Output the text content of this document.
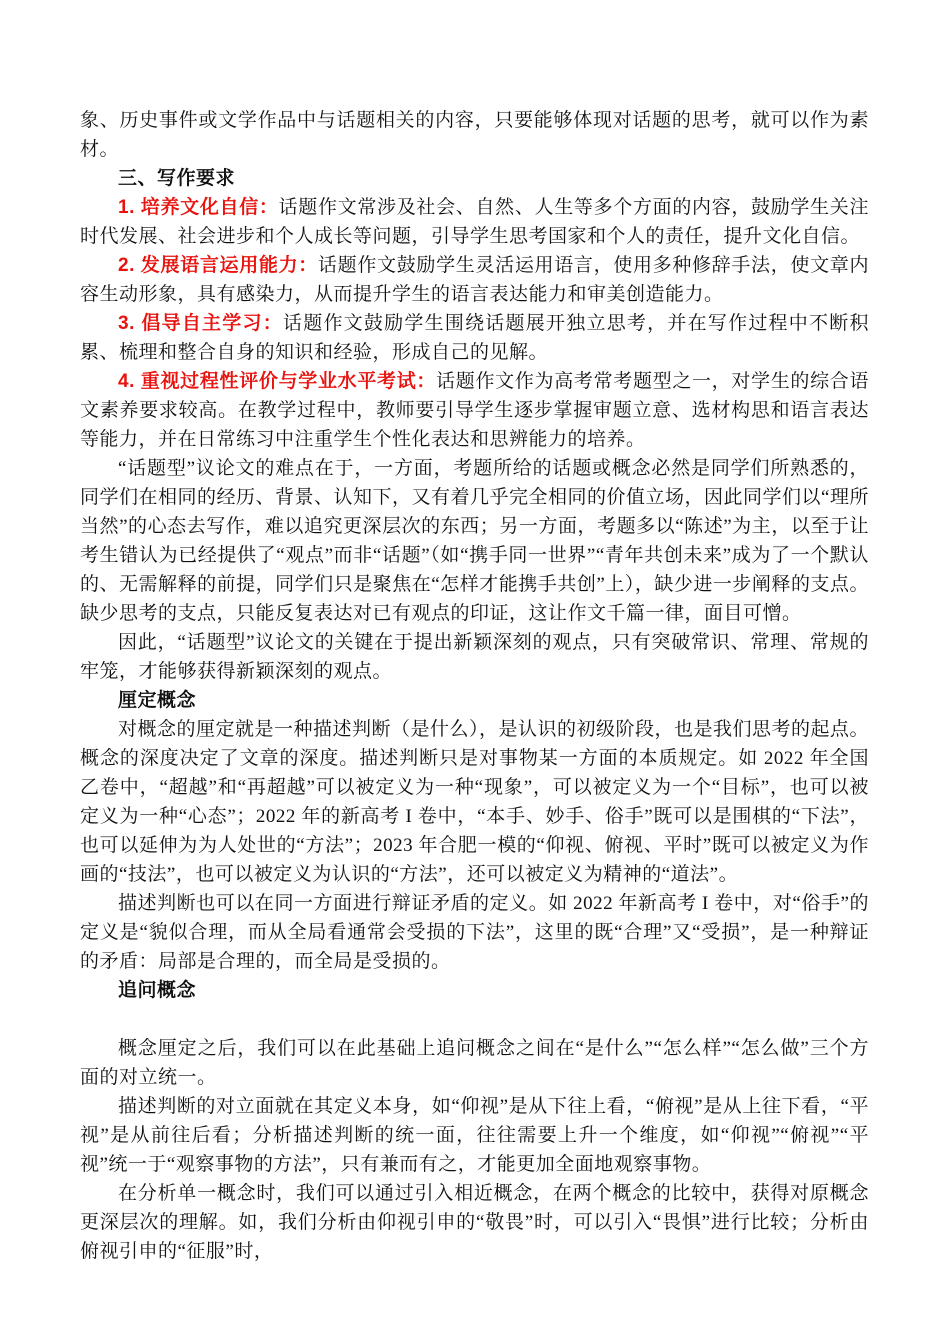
象、历史事件或文学作品中与话题相关的内容，只要能够体现对话题的思考，就可以作为素材。

三、写作要求

1. 培养文化自信：话题作文常涉及社会、自然、人生等多个方面的内容，鼓励学生关注时代发展、社会进步和个人成长等问题，引导学生思考国家和个人的责任，提升文化自信。

2. 发展语言运用能力：话题作文鼓励学生灵活运用语言，使用多种修辞手法，使文章内容生动形象，具有感染力，从而提升学生的语言表达能力和审美创造能力。

3. 倡导自主学习：话题作文鼓励学生围绕话题展开独立思考，并在写作过程中不断积累、梳理和整合自身的知识和经验，形成自己的见解。

4. 重视过程性评价与学业水平考试：话题作文作为高考常考题型之一，对学生的综合语文素养要求较高。在教学过程中，教师要引导学生逐步掌握审题立意、选材构思和语言表达等能力，并在日常练习中注重学生个性化表达和思辨能力的培养。

“话题型”议论文的难点在于，一方面，考题所给的话题或概念必然是同学们所熟悉的，同学们在相同的经历、背景、认知下，又有着几乎完全相同的价值立场，因此同学们以“理所当然”的心态去写作，难以追究更深层次的东西；另一方面，考题多以“陈述”为主，以至于让考生错认为已经提供了“观点”而非“话题”（如“携手同一世界”“青年共创未来”成为了一个默认的、无需解释的前提，同学们只是聚焦在“怎样才能携手共创”上），缺少进一步阐释的支点。缺少思考的支点，只能反复表达对已有观点的印证，这让作文千篇一律，面目可憎。

因此，“话题型”议论文的关键在于提出新颖深刻的观点，只有突破常识、常理、常规的牢笼，才能够获得新颖深刻的观点。

厘定概念

对概念的厘定就是一种描述判断（是什么），是认识的初级阶段，也是我们思考的起点。概念的深度决定了文章的深度。描述判断只是对事物某一方面的本质规定。如 2022 年全国乙卷中，“超越”和“再超越”可以被定义为一种“现象”，可以被定义为一个“目标”，也可以被定义为一种“心态”；2022 年的新高考 I 卷中，“本手、妙手、俗手”既可以是围棋的“下法”，也可以延伸为为人处世的“方法”；2023 年合肥一模的“仰视、俯视、平时”既可以被定义为作画的“技法”，也可以被定义为认识的“方法”，还可以被定义为精神的“道法”。

描述判断也可以在同一方面进行辩证矛盾的定义。如 2022 年新高考 I 卷中，对“俗手”的定义是“貌似合理，而从全局看通常会受损的下法”，这里的既“合理”又“受损”，是一种辩证的矛盾：局部是合理的，而全局是受损的。

追问概念

概念厘定之后，我们可以在此基础上追问概念之间在“是什么”“怎么样”“怎么做”三个方面的对立统一。

描述判断的对立面就在其定义本身，如“仰视”是从下往上看，“俯视”是从上往下看，“平视”是从前往后看；分析描述判断的统一面，往往需要上升一个维度，如“仰视”“俯视”“平视”统一于“观察事物的方法”，只有兼而有之，才能更加全面地观察事物。

在分析单一概念时，我们可以通过引入相近概念，在两个概念的比较中，获得对原概念更深层次的理解。如，我们分析由仰视引申的“敬畏”时，可以引入“畏惧”进行比较；分析由俯视引申的“征服”时，
